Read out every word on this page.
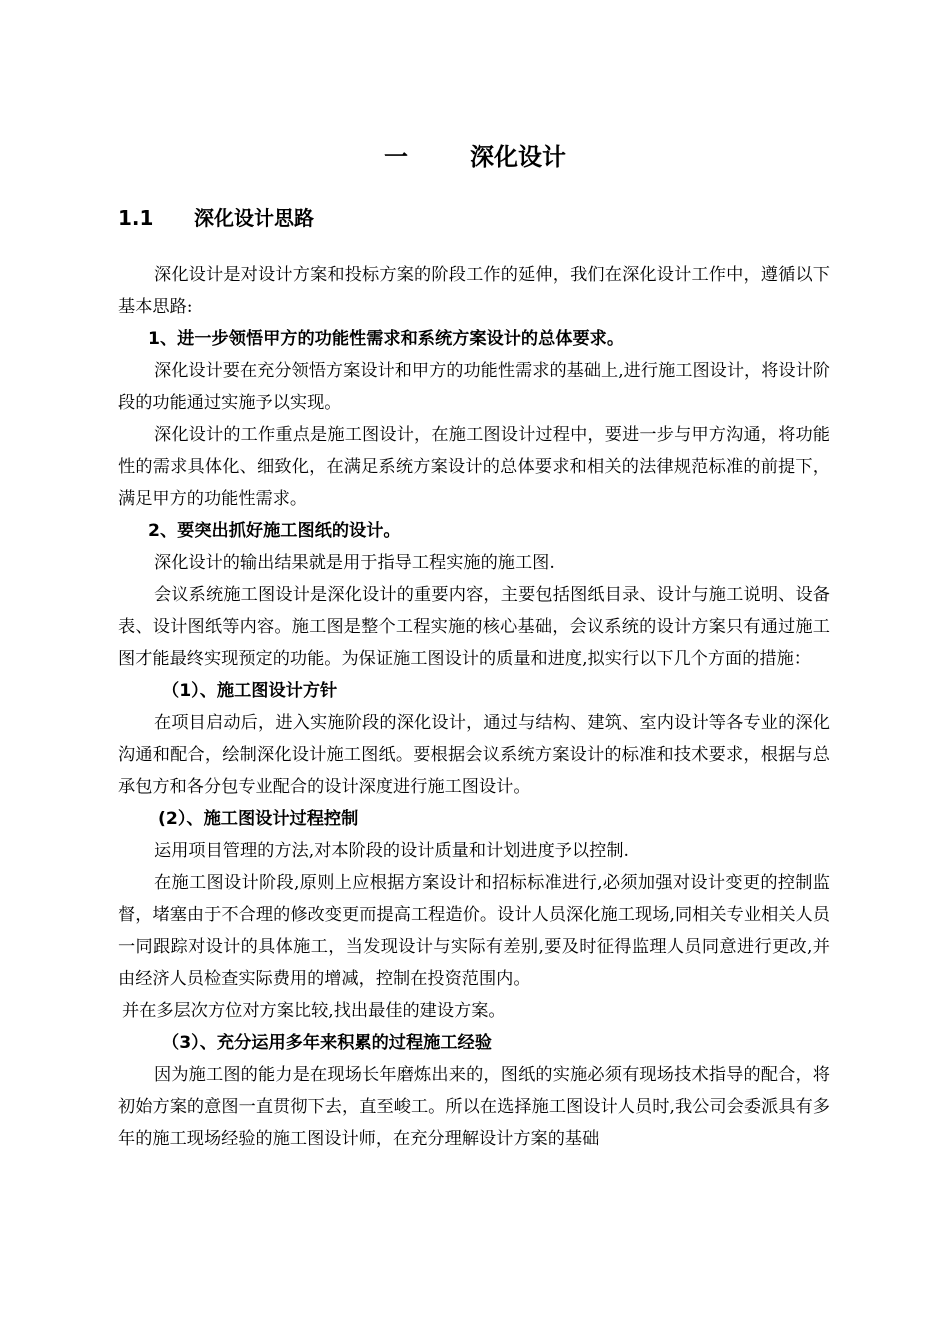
一	深化设计
1.1 深化设计思路

深化设计是对设计方案和投标方案的阶段工作的延伸，我们在深化设计工作中，遵循以下基本思路:

1、进一步领悟甲方的功能性需求和系统方案设计的总体要求。

深化设计要在充分领悟方案设计和甲方的功能性需求的基础上,进行施工图设计，将设计阶段的功能通过实施予以实现。

深化设计的工作重点是施工图设计，在施工图设计过程中，要进一步与甲方沟通，将功能性的需求具体化、细致化，在满足系统方案设计的总体要求和相关的法律规范标准的前提下，满足甲方的功能性需求。

2、要突出抓好施工图纸的设计。

深化设计的输出结果就是用于指导工程实施的施工图.

会议系统施工图设计是深化设计的重要内容，主要包括图纸目录、设计与施工说明、设备表、设计图纸等内容。施工图是整个工程实施的核心基础，会议系统的设计方案只有通过施工图才能最终实现预定的功能。为保证施工图设计的质量和进度,拟实行以下几个方面的措施：

（1）、施工图设计方针

在项目启动后，进入实施阶段的深化设计，通过与结构、建筑、室内设计等各专业的深化沟通和配合，绘制深化设计施工图纸。要根据会议系统方案设计的标准和技术要求，根据与总承包方和各分包专业配合的设计深度进行施工图设计。

(2）、施工图设计过程控制

运用项目管理的方法,对本阶段的设计质量和计划进度予以控制.

在施工图设计阶段,原则上应根据方案设计和招标标准进行,必须加强对设计变更的控制监督，堵塞由于不合理的修改变更而提高工程造价。设计人员深化施工现场,同相关专业相关人员一同跟踪对设计的具体施工，当发现设计与实际有差别,要及时征得监理人员同意进行更改,并由经济人员检查实际费用的增减，控制在投资范围内。

并在多层次方位对方案比较,找出最佳的建设方案。

（3）、充分运用多年来积累的过程施工经验

因为施工图的能力是在现场长年磨炼出来的，图纸的实施必须有现场技术指导的配合，将初始方案的意图一直贯彻下去，直至峻工。所以在选择施工图设计人员时,我公司会委派具有多年的施工现场经验的施工图设计师，在充分理解设计方案的基础
